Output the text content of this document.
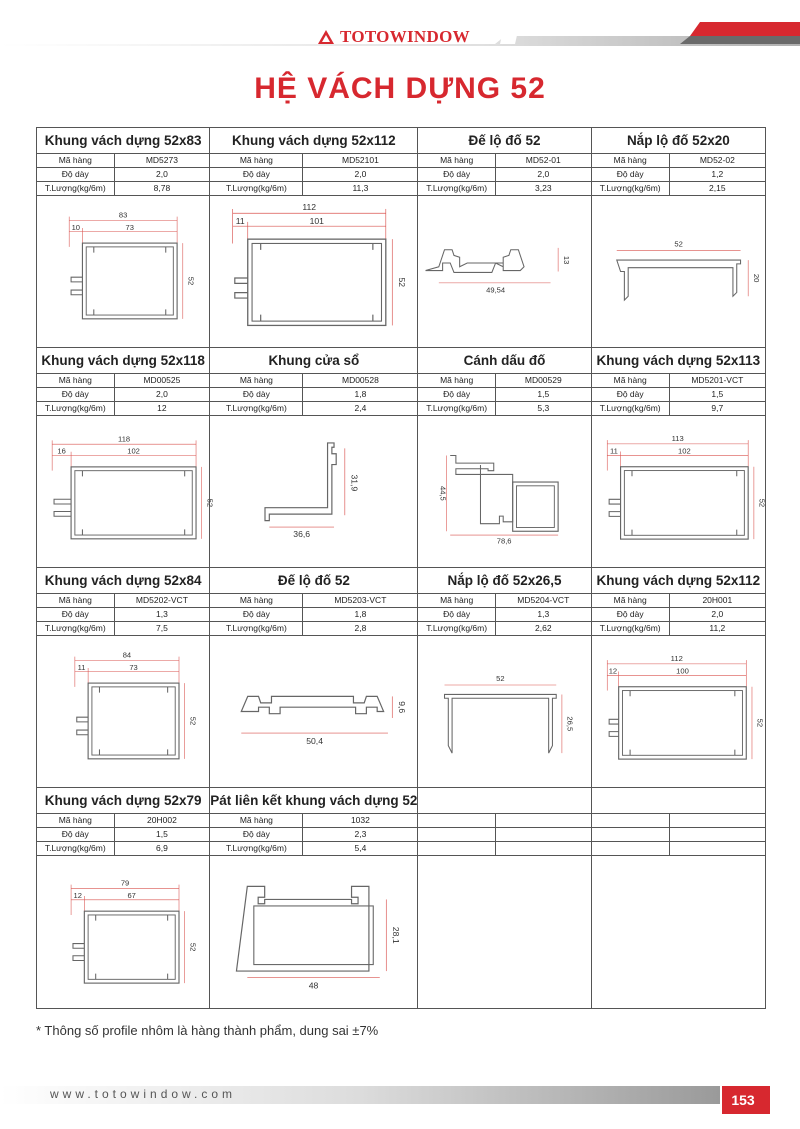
TOTOWINDOW
HỆ VÁCH DỰNG 52
Khung vách dựng 52x83
Mã hàng	MD5273
Độ dày	2,0
T.Lượng(kg/6m)	8,78
83
10	73
52
Khung vách dựng 52x112
Mã hàng	MD52101
Độ dày	2,0
T.Lượng(kg/6m)	11,3
112
11	101
52
Đế lộ đố 52
Mã hàng	MD52-01
Độ dày	2,0
T.Lượng(kg/6m)	3,23
49,54
13
Nắp lộ đố 52x20
Mã hàng	MD52-02
Độ dày	1,2
T.Lượng(kg/6m)	2,15
52
20
Khung vách dựng 52x118
Mã hàng	MD00525
Độ dày	2,0
T.Lượng(kg/6m)	12
118
16	102
52
Khung cửa sổ
Mã hàng	MD00528
Độ dày	1,8
T.Lượng(kg/6m)	2,4
36,6
31,9
Cánh dấu đố
Mã hàng	MD00529
Độ dày	1,5
T.Lượng(kg/6m)	5,3
44,5
78,6
Khung vách dựng 52x113
Mã hàng	MD5201-VCT
Độ dày	1,5
T.Lượng(kg/6m)	9,7
113
11	102
52
Khung vách dựng 52x84
Mã hàng	MD5202-VCT
Độ dày	1,3
T.Lượng(kg/6m)	7,5
84
11	73
52
Đế lộ đố 52
Mã hàng	MD5203-VCT
Độ dày	1,8
T.Lượng(kg/6m)	2,8
50,4
9,6
Nắp lộ đố 52x26,5
Mã hàng	MD5204-VCT
Độ dày	1,3
T.Lượng(kg/6m)	2,62
52
26,5
Khung vách dựng 52x112
Mã hàng	20H001
Độ dày	2,0
T.Lượng(kg/6m)	11,2
112
12	100
52
Khung vách dựng 52x79
Mã hàng	20H002
Độ dày	1,5
T.Lượng(kg/6m)	6,9
79
12	67
52
Pát liên kết khung vách dựng 52
Mã hàng	1032
Độ dày	2,3
T.Lượng(kg/6m)	5,4
48
28,1
* Thông số profile nhôm là hàng thành phẩm, dung sai ±7%
www.totowindow.com	153
